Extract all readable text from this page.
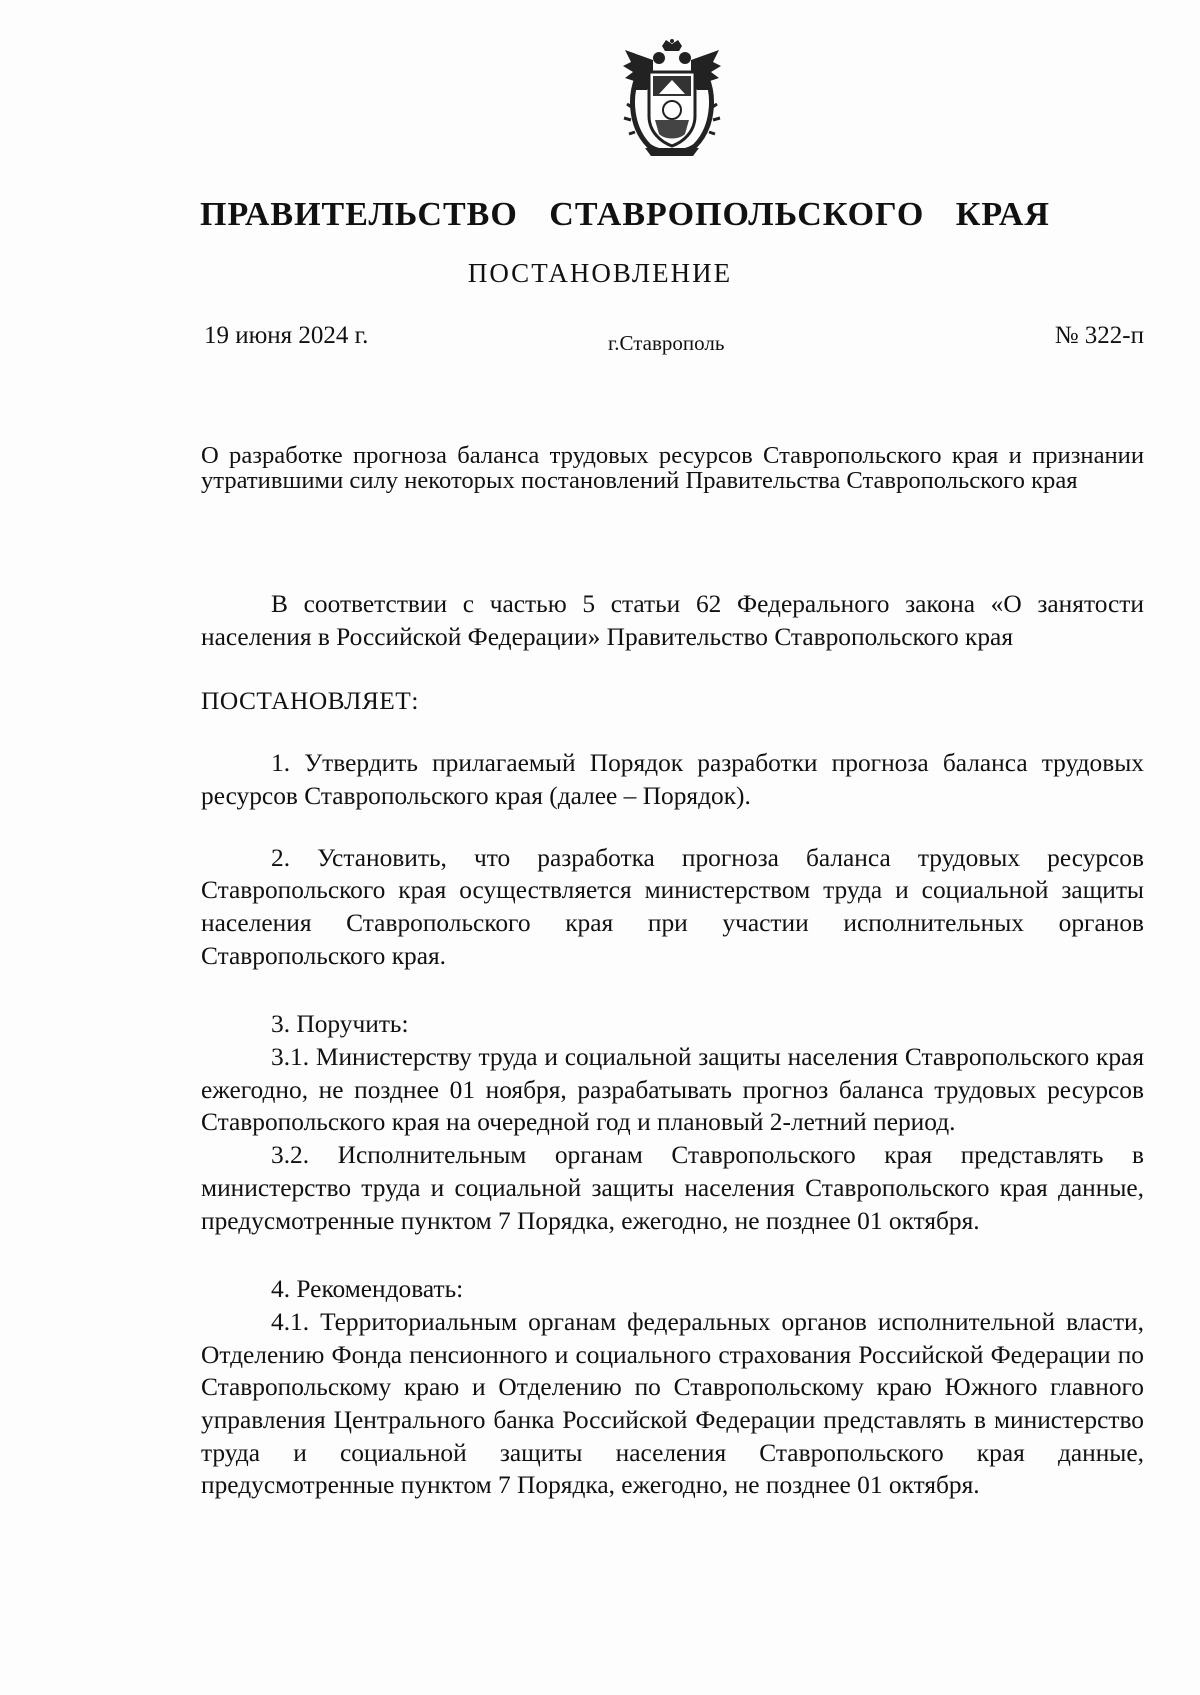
ПРАВИТЕЛЬСТВО СТАВРОПОЛЬСКОГО КРАЯ
ПОСТАНОВЛЕНИЕ
19 июня 2024 г.	г.Ставрополь	№ 322-п
О разработке прогноза баланса трудовых ресурсов Ставропольского края и признании утратившими силу некоторых постановлений Правительства Ставропольского края

В соответствии с частью 5 статьи 62 Федерального закона «О занятости населения в Российской Федерации» Правительство Ставропольского края

ПОСТАНОВЛЯЕТ:

1. Утвердить прилагаемый Порядок разработки прогноза баланса трудовых ресурсов Ставропольского края (далее – Порядок).

2. Установить, что разработка прогноза баланса трудовых ресурсов Ставропольского края осуществляется министерством труда и социальной защиты населения Ставропольского края при участии исполнительных органов Ставропольского края.

3. Поручить:

3.1. Министерству труда и социальной защиты населения Ставропольского края ежегодно, не позднее 01 ноября, разрабатывать прогноз баланса трудовых ресурсов Ставропольского края на очередной год и плановый 2-летний период.

3.2. Исполнительным органам Ставропольского края представлять в министерство труда и социальной защиты населения Ставропольского края данные, предусмотренные пунктом 7 Порядка, ежегодно, не позднее 01 октября.

4. Рекомендовать:

4.1. Территориальным органам федеральных органов исполнительной власти, Отделению Фонда пенсионного и социального страхования Российской Федерации по Ставропольскому краю и Отделению по Ставропольскому краю Южного главного управления Центрального банка Российской Федерации представлять в министерство труда и социальной защиты населения Ставропольского края данные, предусмотренные пунктом 7 Порядка, ежегодно, не позднее 01 октября.
